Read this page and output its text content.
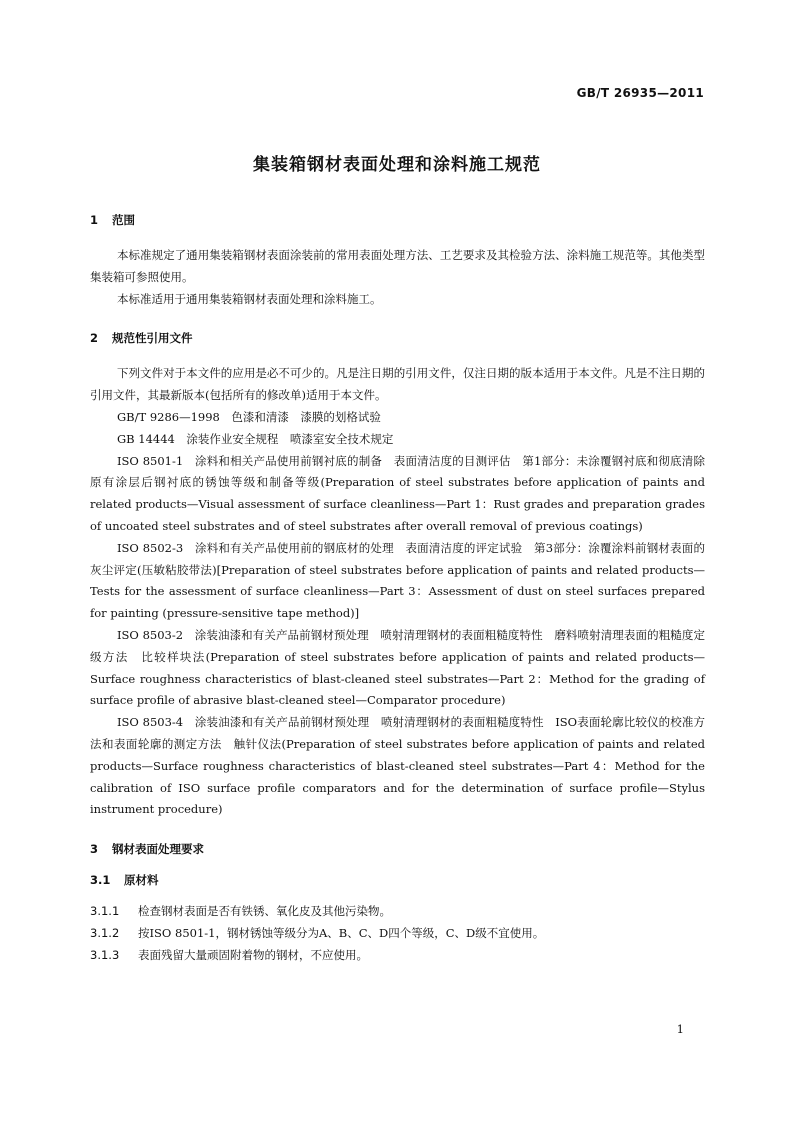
GB/T 26935—2011
集装箱钢材表面处理和涂料施工规范
1 范围

本标准规定了通用集装箱钢材表面涂装前的常用表面处理方法、工艺要求及其检验方法、涂料施工规范等。其他类型集装箱可参照使用。

本标准适用于通用集装箱钢材表面处理和涂料施工。

2 规范性引用文件

下列文件对于本文件的应用是必不可少的。凡是注日期的引用文件，仅注日期的版本适用于本文件。凡是不注日期的引用文件，其最新版本(包括所有的修改单)适用于本文件。

GB/T 9286—1998　色漆和清漆　漆膜的划格试验

GB 14444　涂装作业安全规程　喷漆室安全技术规定

ISO 8501-1　涂料和相关产品使用前钢衬底的制备　表面清洁度的目测评估　第1部分：未涂覆钢衬底和彻底清除原有涂层后钢衬底的锈蚀等级和制备等级(Preparation of steel substrates before application of paints and related products—Visual assessment of surface cleanliness—Part 1：Rust grades and preparation grades of uncoated steel substrates and of steel substrates after overall removal of previous coatings)

ISO 8502-3　涂料和有关产品使用前的钢底材的处理　表面清洁度的评定试验　第3部分：涂覆涂料前钢材表面的灰尘评定(压敏粘胶带法)[Preparation of steel substrates before application of paints and related products—Tests for the assessment of surface cleanliness—Part 3：Assessment of dust on steel surfaces prepared for painting (pressure-sensitive tape method)]

ISO 8503-2　涂装油漆和有关产品前钢材预处理　喷射清理钢材的表面粗糙度特性　磨料喷射清理表面的粗糙度定级方法　比较样块法(Preparation of steel substrates before application of paints and related products—Surface roughness characteristics of blast-cleaned steel substrates—Part 2：Method for the grading of surface profile of abrasive blast-cleaned steel—Comparator procedure)

ISO 8503-4　涂装油漆和有关产品前钢材预处理　喷射清理钢材的表面粗糙度特性　ISO表面轮廓比较仪的校准方法和表面轮廓的测定方法　触针仪法(Preparation of steel substrates before application of paints and related products—Surface roughness characteristics of blast-cleaned steel substrates—Part 4：Method for the calibration of ISO surface profile comparators and for the determination of surface profile—Stylus instrument procedure)

3 钢材表面处理要求
3.1 原材料

3.1.1 检查钢材表面是否有铁锈、氧化皮及其他污染物。

3.1.2 按ISO 8501-1，钢材锈蚀等级分为A、B、C、D四个等级，C、D级不宜使用。

3.1.3 表面残留大量顽固附着物的钢材，不应使用。

1
